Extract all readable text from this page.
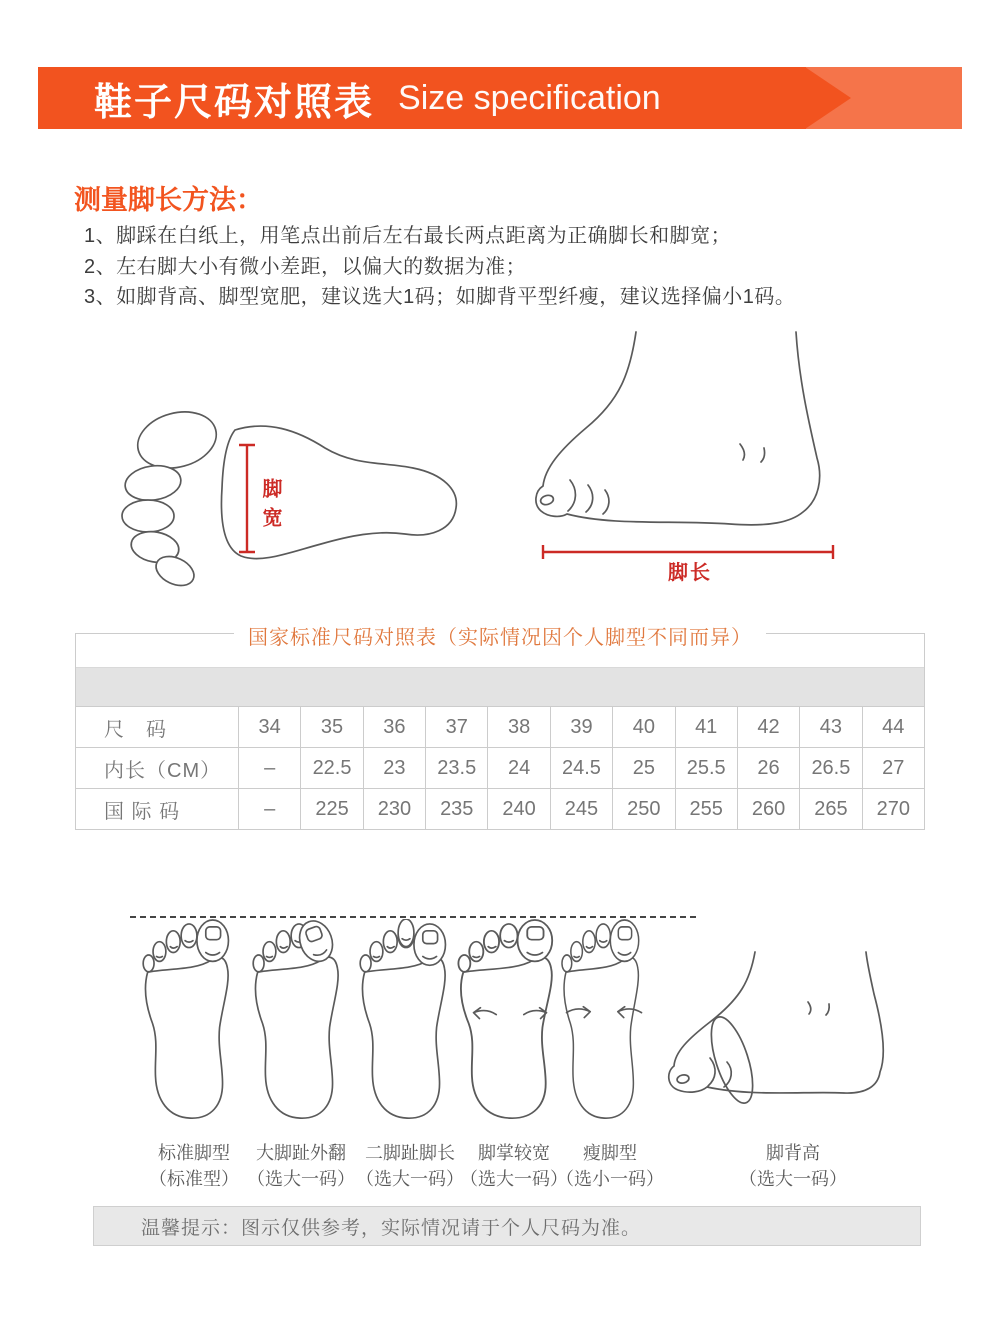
鞋子尺码对照表 Size specification
测量脚长方法：
1、脚踩在白纸上，用笔点出前后左右最长两点距离为正确脚长和脚宽；
2、左右脚大小有微小差距，以偏大的数据为准；
3、如脚背高、脚型宽肥，建议选大1码；如脚背平型纤瘦，建议选择偏小1码。
脚宽
脚长
国家标准尺码对照表（实际情况因个人脚型不同而异）
尺　码	34	35	36	37	38	39	40	41	42	43	44
内长（CM）	–	22.5	23	23.5	24	24.5	25	25.5	26	26.5	27
国 际 码	–	225	230	235	240	245	250	255	260	265	270
标准脚型
（标准型）
大脚趾外翻
（选大一码）
二脚趾脚长
（选大一码）
脚掌较宽
（选大一码）
瘦脚型
（选小一码）
脚背高
（选大一码）
温馨提示：图示仅供参考，实际情况请于个人尺码为准。
